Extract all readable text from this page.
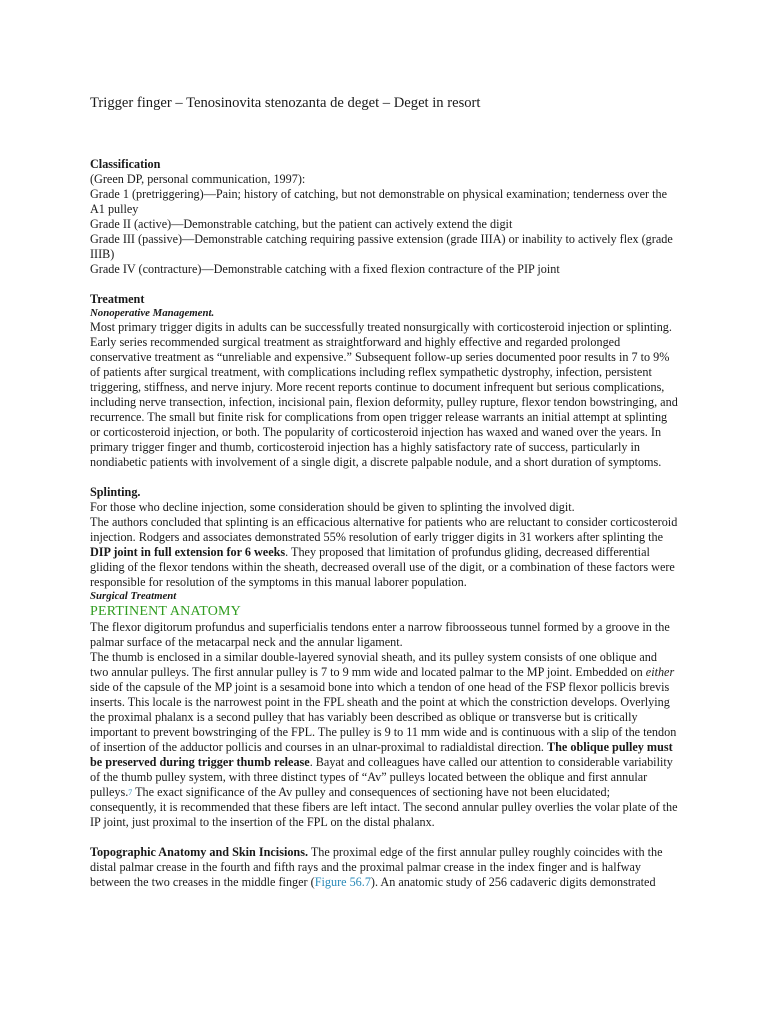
Trigger finger – Tenosinovita stenozanta de deget – Deget in resort
Classification

(Green DP, personal communication, 1997):

Grade 1 (pretriggering)—Pain; history of catching, but not demonstrable on physical examination; tenderness over the A1 pulley

Grade II (active)—Demonstrable catching, but the patient can actively extend the digit

Grade III (passive)—Demonstrable catching requiring passive extension (grade IIIA) or inability to actively flex (grade IIIB)

Grade IV (contracture)—Demonstrable catching with a fixed flexion contracture of the PIP joint

Treatment
Nonoperative Management.

Most primary trigger digits in adults can be successfully treated nonsurgically with corticosteroid injection or splinting. Early series recommended surgical treatment as straightforward and highly effective and regarded prolonged conservative treatment as “unreliable and expensive.” Subsequent follow-up series documented poor results in 7 to 9% of patients after surgical treatment, with complications including reflex sympathetic dystrophy, infection, persistent triggering, stiffness, and nerve injury. More recent reports continue to document infrequent but serious complications, including nerve transection, infection, incisional pain, flexion deformity, pulley rupture, flexor tendon bowstringing, and recurrence. The small but finite risk for complications from open trigger release warrants an initial attempt at splinting or corticosteroid injection, or both. The popularity of corticosteroid injection has waxed and waned over the years. In primary trigger finger and thumb, corticosteroid injection has a highly satisfactory rate of success, particularly in nondiabetic patients with involvement of a single digit, a discrete palpable nodule, and a short duration of symptoms.

Splinting.

For those who decline injection, some consideration should be given to splinting the involved digit.

The authors concluded that splinting is an efficacious alternative for patients who are reluctant to consider corticosteroid injection. Rodgers and associates demonstrated 55% resolution of early trigger digits in 31 workers after splinting the DIP joint in full extension for 6 weeks. They proposed that limitation of profundus gliding, decreased differential gliding of the flexor tendons within the sheath, decreased overall use of the digit, or a combination of these factors were responsible for resolution of the symptoms in this manual laborer population.

Surgical Treatment
PERTINENT ANATOMY

The flexor digitorum profundus and superficialis tendons enter a narrow fibroosseous tunnel formed by a groove in the palmar surface of the metacarpal neck and the annular ligament.

The thumb is enclosed in a similar double-layered synovial sheath, and its pulley system consists of one oblique and two annular pulleys. The first annular pulley is 7 to 9 mm wide and located palmar to the MP joint. Embedded on either side of the capsule of the MP joint is a sesamoid bone into which a tendon of one head of the FSP flexor pollicis brevis inserts. This locale is the narrowest point in the FPL sheath and the point at which the constriction develops. Overlying the proximal phalanx is a second pulley that has variably been described as oblique or transverse but is critically important to prevent bowstringing of the FPL. The pulley is 9 to 11 mm wide and is continuous with a slip of the tendon of insertion of the adductor pollicis and courses in an ulnar-proximal to radialdistal direction. The oblique pulley must be preserved during trigger thumb release. Bayat and colleagues have called our attention to considerable variability of the thumb pulley system, with three distinct types of “Av” pulleys located between the oblique and first annular pulleys.7 The exact significance of the Av pulley and consequences of sectioning have not been elucidated; consequently, it is recommended that these fibers are left intact. The second annular pulley overlies the volar plate of the IP joint, just proximal to the insertion of the FPL on the distal phalanx.

Topographic Anatomy and Skin Incisions. The proximal edge of the first annular pulley roughly coincides with the distal palmar crease in the fourth and fifth rays and the proximal palmar crease in the index finger and is halfway between the two creases in the middle finger (Figure 56.7). An anatomic study of 256 cadaveric digits demonstrated
